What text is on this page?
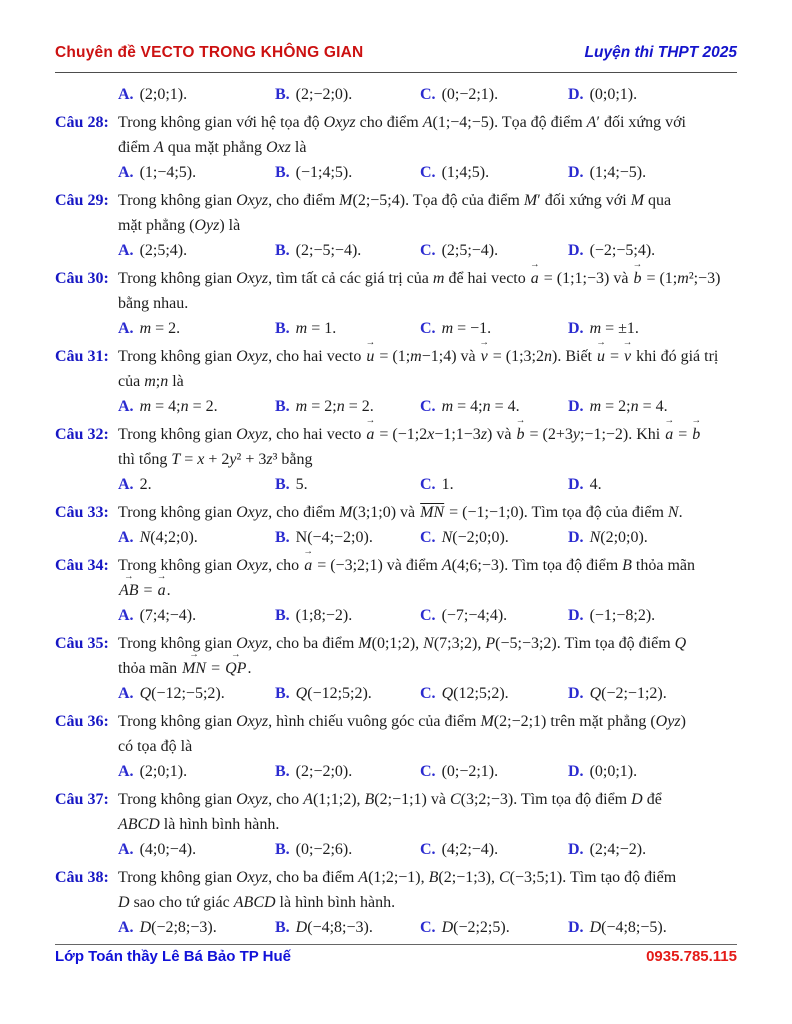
Chuyên đề VECTO TRONG KHÔNG GIAN	Luyện thi THPT 2025
A. (2;0;1).	B. (2;−2;0).	C. (0;−2;1).	D. (0;0;1).
Câu 28: Trong không gian với hệ tọa độ Oxyz cho điểm A(1;−4;−5). Tọa độ điểm A′ đối xứng với
điểm A qua mặt phẳng Oxz là
A. (1;−4;5).	B. (−1;4;5).	C. (1;4;5).	D. (1;4;−5).
Câu 29: Trong không gian Oxyz, cho điểm M(2;−5;4). Tọa độ của điểm M′ đối xứng với M qua
mặt phẳng (Oyz) là
A. (2;5;4).	B. (2;−5;−4).	C. (2;5;−4).	D. (−2;−5;4).
Câu 30: Trong không gian Oxyz, tìm tất cả các giá trị của m để hai vecto a → = (1;1;−3) và b → = (1;m²;−3)
bằng nhau.
A. m = 2.	B. m = 1.	C. m = −1.	D. m = ±1.
Câu 31: Trong không gian Oxyz, cho hai vecto u → = (1;m−1;4) và v → = (1;3;2n). Biết u → = v → khi đó giá trị
của m;n là
A. m = 4;n = 2.	B. m = 2;n = 2.	C. m = 4;n = 4.	D. m = 2;n = 4.
Câu 32: Trong không gian Oxyz, cho hai vecto a → = (−1;2x−1;1−3z) và b → = (2+3y;−1;−2). Khi a → = b →
thì tổng T = x + 2y² + 3z³ bằng
A. 2.	B. 5.	C. 1.	D. 4.
Câu 33: Trong không gian Oxyz, cho điểm M(3;1;0) và $\overline{MN}$ = (−1;−1;0). Tìm tọa độ của điểm N.
A. N(4;2;0).	B. N(−4;−2;0).	C. N(−2;0;0).	D. N(2;0;0).
Câu 34: Trong không gian Oxyz, cho a → = (−3;2;1) và điểm A(4;6;−3). Tìm tọa độ điểm B thỏa mãn
AB → = a →.
A. (7;4;−4).	B. (1;8;−2).	C. (−7;−4;4).	D. (−1;−8;2).
Câu 35: Trong không gian Oxyz, cho ba điểm M(0;1;2), N(7;3;2), P(−5;−3;2). Tìm tọa độ điểm Q
thỏa mãn MN → = QP →.
A. Q(−12;−5;2).	B. Q(−12;5;2).	C. Q(12;5;2).	D. Q(−2;−1;2).
Câu 36: Trong không gian Oxyz, hình chiếu vuông góc của điểm M(2;−2;1) trên mặt phẳng (Oyz)
có tọa độ là
A. (2;0;1).	B. (2;−2;0).	C. (0;−2;1).	D. (0;0;1).
Câu 37: Trong không gian Oxyz, cho A(1;1;2), B(2;−1;1) và C(3;2;−3). Tìm tọa độ điểm D để
ABCD là hình bình hành.
A. (4;0;−4).	B. (0;−2;6).	C. (4;2;−4).	D. (2;4;−2).
Câu 38: Trong không gian Oxyz, cho ba điểm A(1;2;−1), B(2;−1;3), C(−3;5;1). Tìm tạo độ điểm
D sao cho tứ giác ABCD là hình bình hành.
A. D(−2;8;−3).	B. D(−4;8;−3).	C. D(−2;2;5).	D. D(−4;8;−5).
Lớp Toán thầy Lê Bá Bảo TP Huế	0935.785.115
